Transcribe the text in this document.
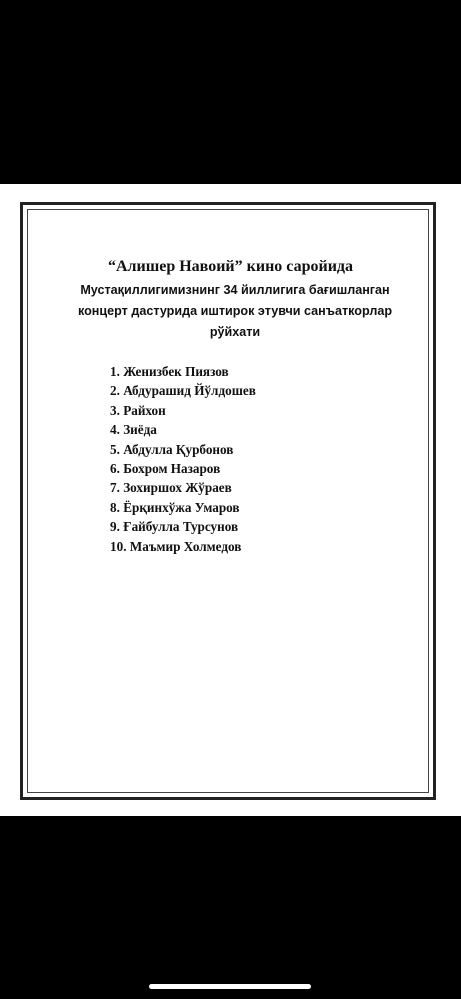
“Алишер Навоий” кино саройида
Мустақиллигимизнинг 34 йиллигига бағишланган
концерт дастурида иштирок этувчи санъаткорлар
рўйхати
1. Женизбек Пиязов
2. Абдурашид Йўлдошев
3. Райхон
4. Зиёда
5. Абдулла Қурбонов
6. Бохром Назаров
7. Зохиршох Жўраев
8. Ёрқинхўжа Умаров
9. Ғайбулла Турсунов
10. Маъмир Холмедов
